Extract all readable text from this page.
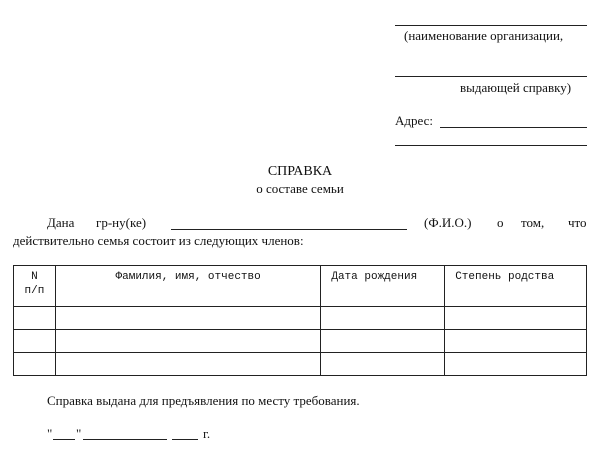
(наименование организации,
выдающей справку)
Адрес:
СПРАВКА
о составе семьи
Дана гр-ну(ке)	(Ф.И.О.) о том, что
действительно семья состоит из следующих членов:
N
п/п	Фамилия, имя, отчество	Дата рождения	Степень родства

Справка выдана для предъявления по месту требования.
" "	г.
